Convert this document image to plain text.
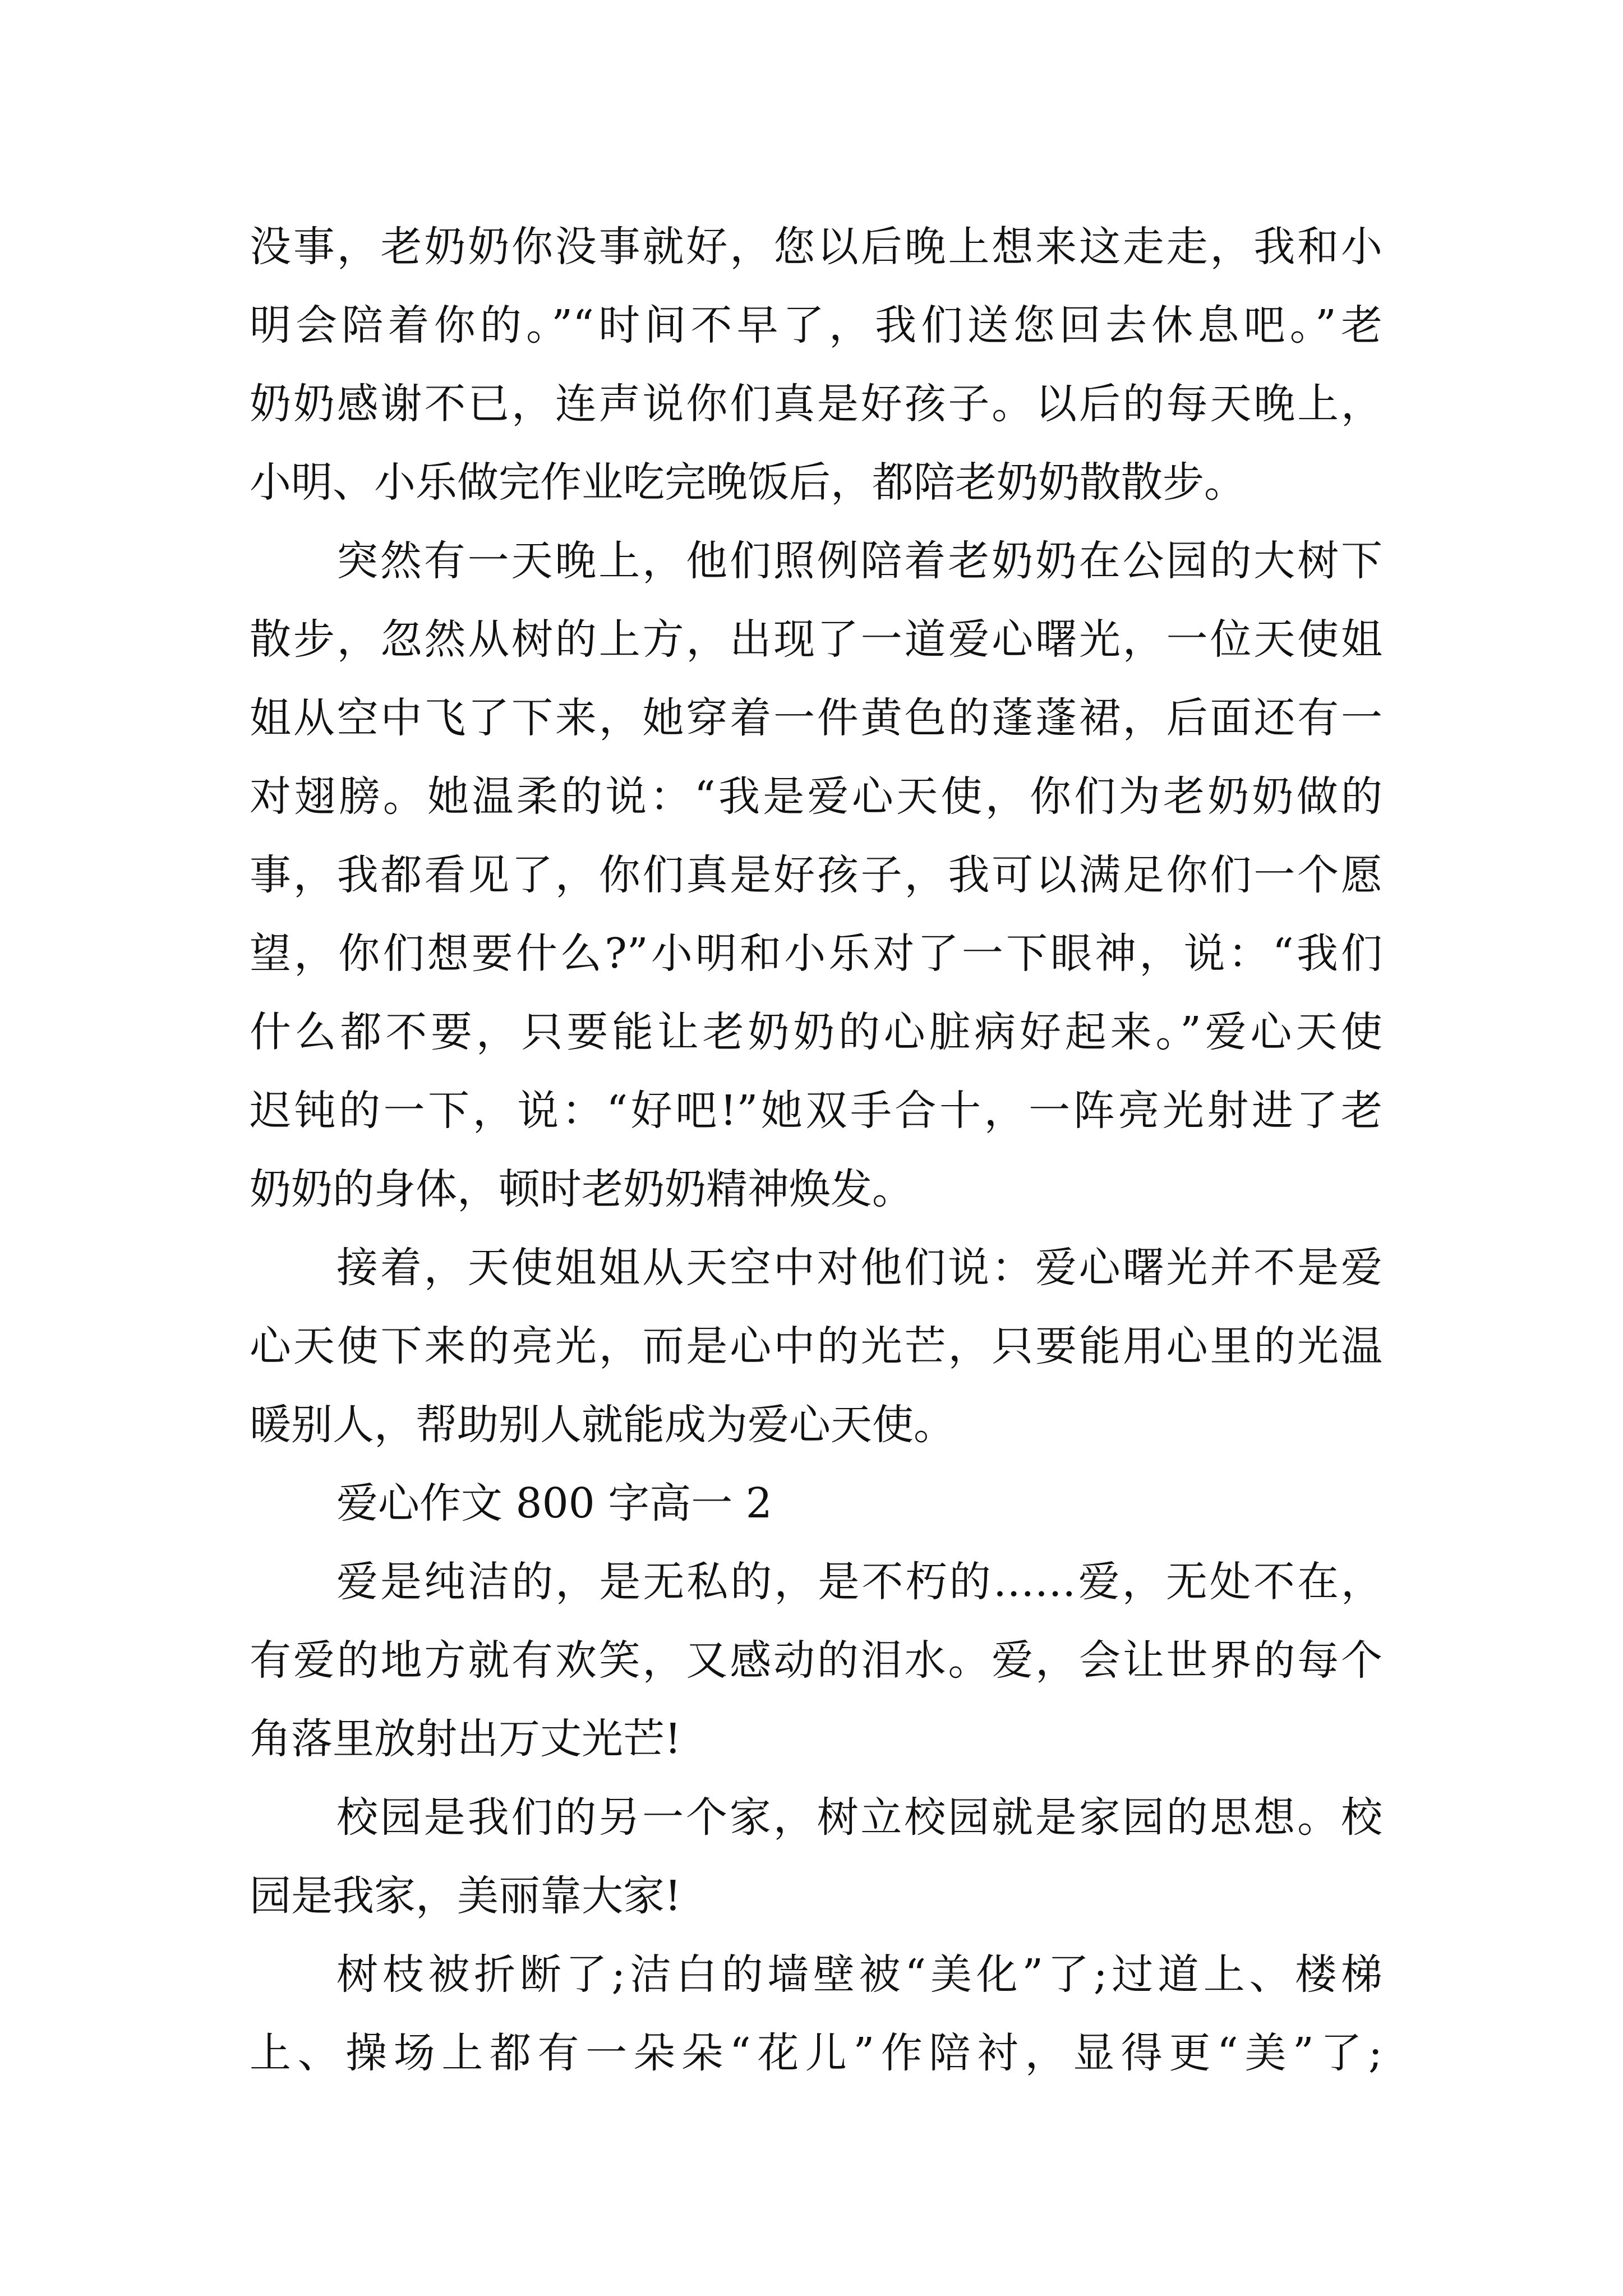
没事，老奶奶你没事就好，您以后晚上想来这走走，我和小
明会陪着你的。”“时间不早了，我们送您回去休息吧。”老
奶奶感谢不已，连声说你们真是好孩子。以后的每天晚上，
小明、小乐做完作业吃完晚饭后，都陪老奶奶散散步。
突然有一天晚上，他们照例陪着老奶奶在公园的大树下
散步，忽然从树的上方，出现了一道爱心曙光，一位天使姐
姐从空中飞了下来，她穿着一件黄色的蓬蓬裙，后面还有一
对翅膀。她温柔的说：“我是爱心天使，你们为老奶奶做的
事，我都看见了，你们真是好孩子，我可以满足你们一个愿
望，你们想要什么?”小明和小乐对了一下眼神，说：“我们
什么都不要，只要能让老奶奶的心脏病好起来。”爱心天使
迟钝的一下，说：“好吧!”她双手合十，一阵亮光射进了老
奶奶的身体，顿时老奶奶精神焕发。
接着，天使姐姐从天空中对他们说：爱心曙光并不是爱
心天使下来的亮光，而是心中的光芒，只要能用心里的光温
暖别人，帮助别人就能成为爱心天使。
爱心作文 800 字高一 2
爱是纯洁的，是无私的，是不朽的……爱，无处不在，
有爱的地方就有欢笑，又感动的泪水。爱，会让世界的每个
角落里放射出万丈光芒!
校园是我们的另一个家，树立校园就是家园的思想。校
园是我家，美丽靠大家!
树枝被折断了;洁白的墙壁被“美化”了;过道上、楼梯
上、操场上都有一朵朵“花儿”作陪衬，显得更“美”了;
